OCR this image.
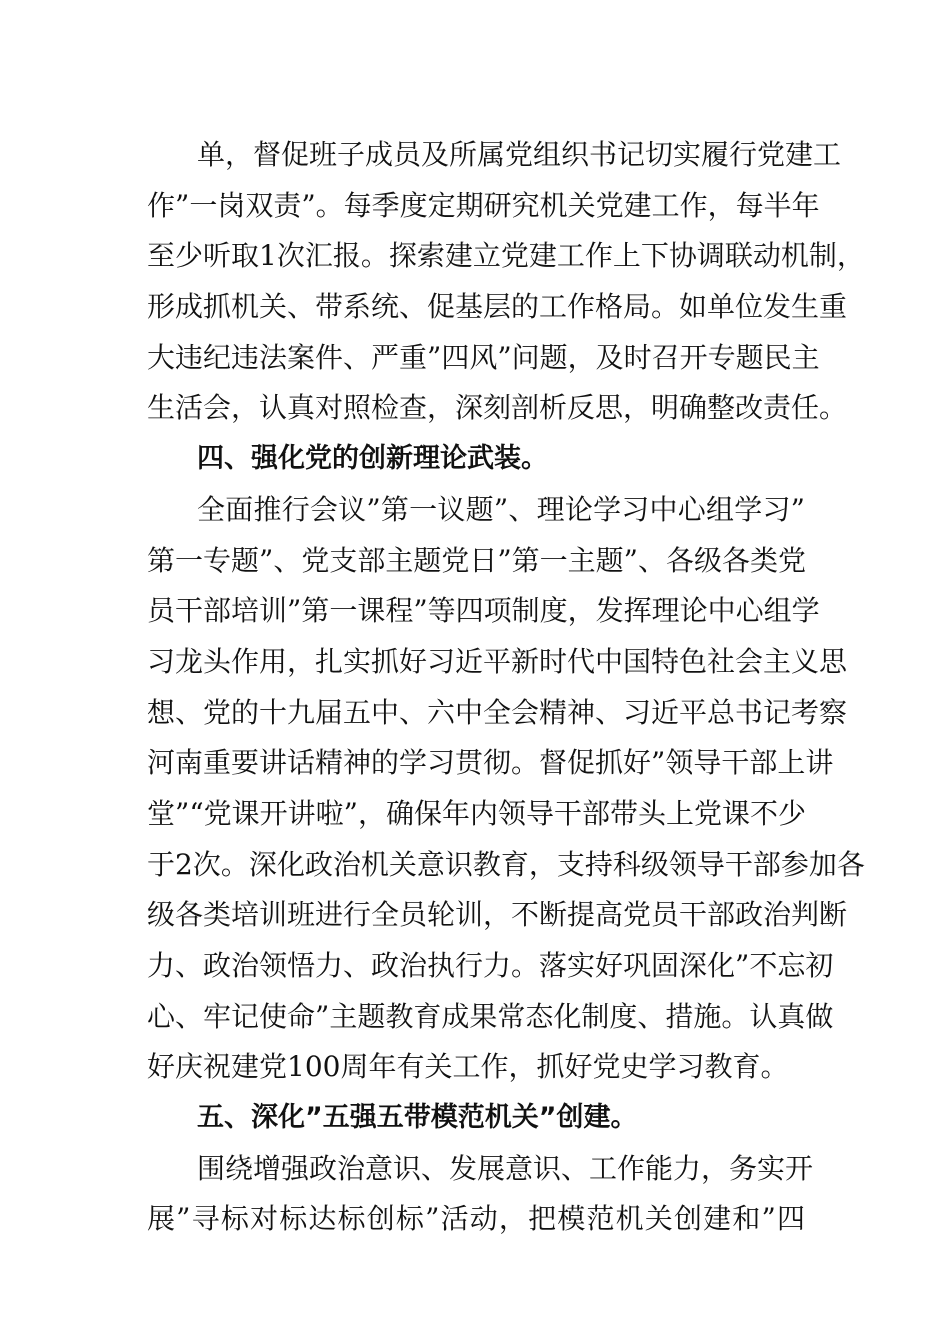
单，督促班子成员及所属党组织书记切实履行党建工
作”一岗双责”。每季度定期研究机关党建工作，每半年
至少听取1次汇报。探索建立党建工作上下协调联动机制，
形成抓机关、带系统、促基层的工作格局。如单位发生重
大违纪违法案件、严重”四风”问题，及时召开专题民主
生活会，认真对照检查，深刻剖析反思，明确整改责任。
四、强化党的创新理论武装。
全面推行会议”第一议题”、理论学习中心组学习”
第一专题”、党支部主题党日”第一主题”、各级各类党
员干部培训”第一课程”等四项制度，发挥理论中心组学
习龙头作用，扎实抓好习近平新时代中国特色社会主义思
想、党的十九届五中、六中全会精神、习近平总书记考察
河南重要讲话精神的学习贯彻。督促抓好”领导干部上讲
堂”“党课开讲啦”，确保年内领导干部带头上党课不少
于2次。深化政治机关意识教育，支持科级领导干部参加各
级各类培训班进行全员轮训，不断提高党员干部政治判断
力、政治领悟力、政治执行力。落实好巩固深化”不忘初
心、牢记使命”主题教育成果常态化制度、措施。认真做
好庆祝建党100周年有关工作，抓好党史学习教育。
五、深化”五强五带模范机关”创建。
围绕增强政治意识、发展意识、工作能力，务实开
展”寻标对标达标创标”活动，把模范机关创建和”四
